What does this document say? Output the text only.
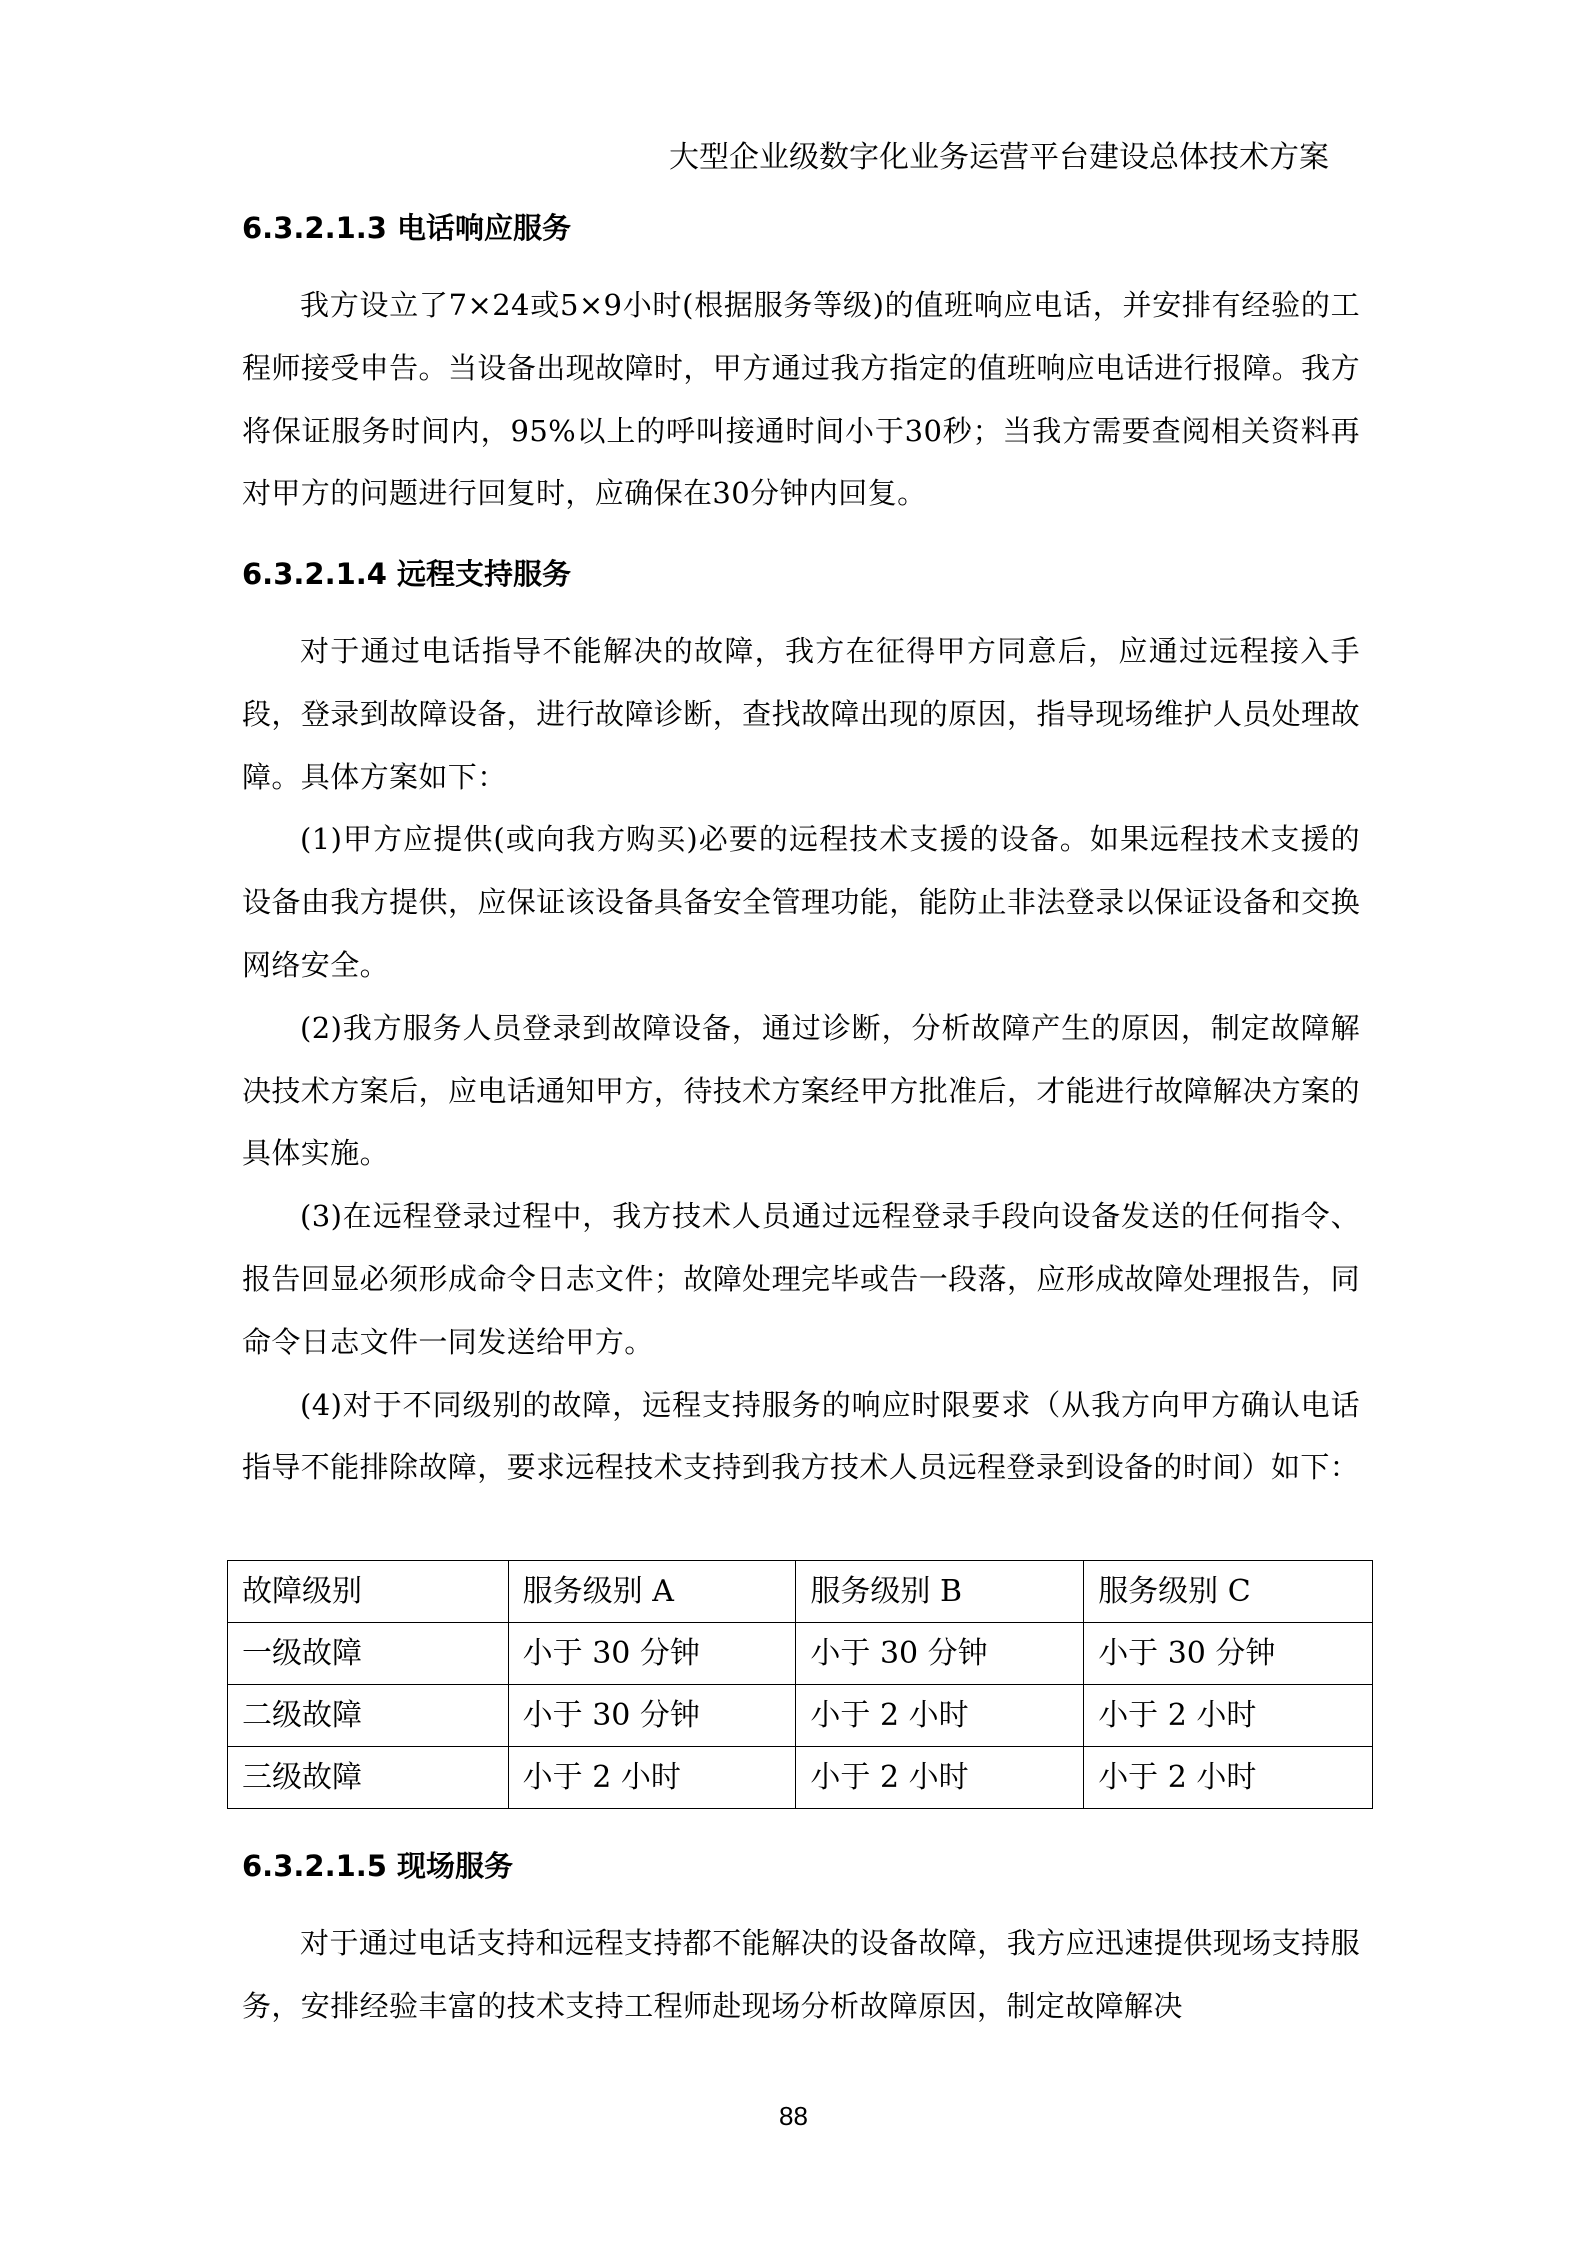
大型企业级数字化业务运营平台建设总体技术方案
6.3.2.1.3 电话响应服务

我方设立了7×24或5×9小时(根据服务等级)的值班响应电话，并安排有经验的工程师接受申告。当设备出现故障时，甲方通过我方指定的值班响应电话进行报障。我方将保证服务时间内，95%以上的呼叫接通时间小于30秒；当我方需要查阅相关资料再对甲方的问题进行回复时，应确保在30分钟内回复。

6.3.2.1.4 远程支持服务

对于通过电话指导不能解决的故障，我方在征得甲方同意后，应通过远程接入手段，登录到故障设备，进行故障诊断，查找故障出现的原因，指导现场维护人员处理故障。具体方案如下：

(1)甲方应提供(或向我方购买)必要的远程技术支援的设备。如果远程技术支援的设备由我方提供，应保证该设备具备安全管理功能，能防止非法登录以保证设备和交换网络安全。

(2)我方服务人员登录到故障设备，通过诊断，分析故障产生的原因，制定故障解决技术方案后，应电话通知甲方，待技术方案经甲方批准后，才能进行故障解决方案的具体实施。

(3)在远程登录过程中，我方技术人员通过远程登录手段向设备发送的任何指令、报告回显必须形成命令日志文件；故障处理完毕或告一段落，应形成故障处理报告，同命令日志文件一同发送给甲方。

(4)对于不同级别的故障，远程支持服务的响应时限要求（从我方向甲方确认电话指导不能排除故障，要求远程技术支持到我方技术人员远程登录到设备的时间）如下：

故障级别	服务级别 A	服务级别 B	服务级别 C
一级故障	小于 30 分钟	小于 30 分钟	小于 30 分钟
二级故障	小于 30 分钟	小于 2 小时	小于 2 小时
三级故障	小于 2 小时	小于 2 小时	小于 2 小时
6.3.2.1.5 现场服务

对于通过电话支持和远程支持都不能解决的设备故障，我方应迅速提供现场支持服务，安排经验丰富的技术支持工程师赴现场分析故障原因，制定故障解决

88
